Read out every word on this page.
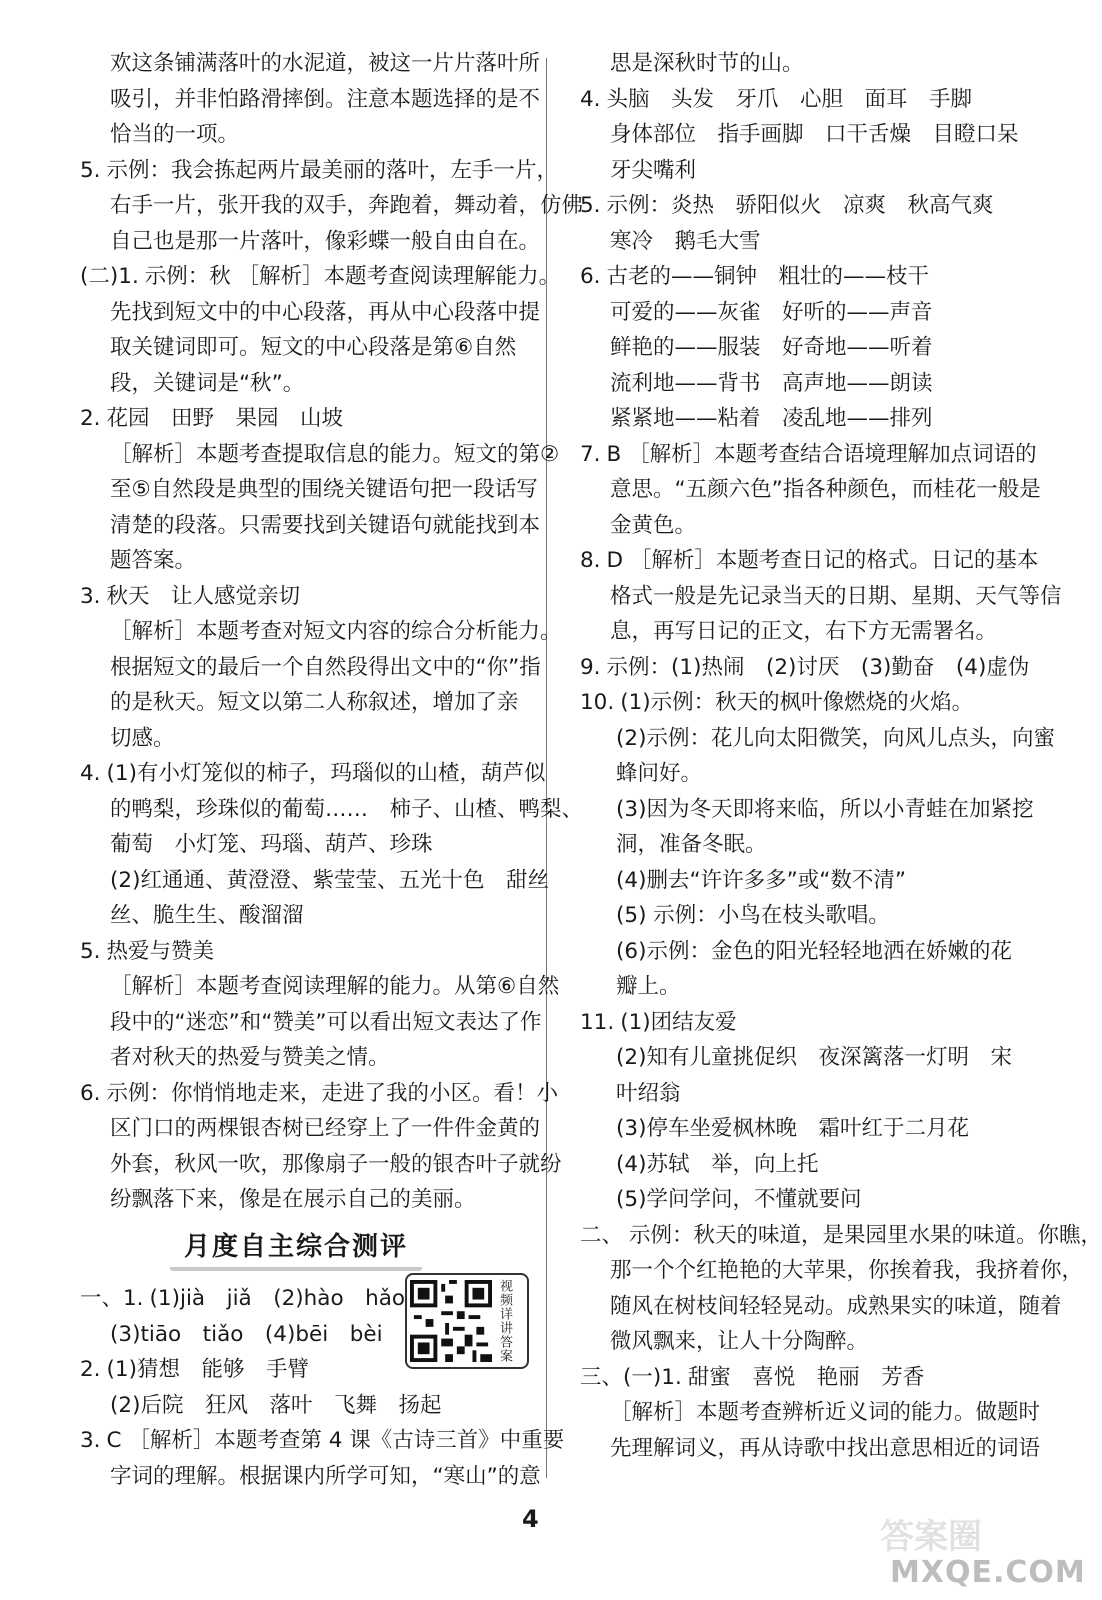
欢这条铺满落叶的水泥道，被这一片片落叶所
吸引，并非怕路滑摔倒。注意本题选择的是不
恰当的一项。
5. 示例：我会拣起两片最美丽的落叶，左手一片，
右手一片，张开我的双手，奔跑着，舞动着，仿佛
自己也是那一片落叶，像彩蝶一般自由自在。
(二)1. 示例：秋 ［解析］本题考查阅读理解能力。
先找到短文中的中心段落，再从中心段落中提
取关键词即可。短文的中心段落是第⑥自然
段，关键词是“秋”。
2. 花园　田野　果园　山坡
［解析］本题考查提取信息的能力。短文的第②
至⑤自然段是典型的围绕关键语句把一段话写
清楚的段落。只需要找到关键语句就能找到本
题答案。
3. 秋天　让人感觉亲切
［解析］本题考查对短文内容的综合分析能力。
根据短文的最后一个自然段得出文中的“你”指
的是秋天。短文以第二人称叙述，增加了亲
切感。
4. (1)有小灯笼似的柿子，玛瑙似的山楂，葫芦似
的鸭梨，珍珠似的葡萄……　柿子、山楂、鸭梨、
葡萄　小灯笼、玛瑙、葫芦、珍珠
(2)红通通、黄澄澄、紫莹莹、五光十色　甜丝
丝、脆生生、酸溜溜
5. 热爱与赞美
［解析］本题考查阅读理解的能力。从第⑥自然
段中的“迷恋”和“赞美”可以看出短文表达了作
者对秋天的热爱与赞美之情。
6. 示例：你悄悄地走来，走进了我的小区。看！小
区门口的两棵银杏树已经穿上了一件件金黄的
外套，秋风一吹，那像扇子一般的银杏叶子就纷
纷飘落下来，像是在展示自己的美丽。
月度自主综合测评
一、1. (1)jià　jiǎ　(2)hào　hǎo
(3)tiāo　tiǎo　(4)bēi　bèi
2. (1)猜想　能够　手臂
(2)后院　狂风　落叶　飞舞　扬起
3. C ［解析］本题考查第 4 课《古诗三首》中重要
字词的理解。根据课内所学可知，“寒山”的意
思是深秋时节的山。
4. 头脑　头发　牙爪　心胆　面耳　手脚
身体部位　指手画脚　口干舌燥　目瞪口呆
牙尖嘴利
5. 示例：炎热　骄阳似火　凉爽　秋高气爽
寒冷　鹅毛大雪
6. 古老的——铜钟　粗壮的——枝干
可爱的——灰雀　好听的——声音
鲜艳的——服装　好奇地——听着
流利地——背书　高声地——朗读
紧紧地——粘着　凌乱地——排列
7. B ［解析］本题考查结合语境理解加点词语的
意思。“五颜六色”指各种颜色，而桂花一般是
金黄色。
8. D ［解析］本题考查日记的格式。日记的基本
格式一般是先记录当天的日期、星期、天气等信
息，再写日记的正文，右下方无需署名。
9. 示例：(1)热闹　(2)讨厌　(3)勤奋　(4)虚伪
10. (1)示例：秋天的枫叶像燃烧的火焰。
(2)示例：花儿向太阳微笑，向风儿点头，向蜜
蜂问好。
(3)因为冬天即将来临，所以小青蛙在加紧挖
洞，准备冬眠。
(4)删去“许许多多”或“数不清”
(5) 示例：小鸟在枝头歌唱。
(6)示例：金色的阳光轻轻地洒在娇嫩的花
瓣上。
11. (1)团结友爱
(2)知有儿童挑促织　夜深篱落一灯明　宋
叶绍翁
(3)停车坐爱枫林晚　霜叶红于二月花
(4)苏轼　举，向上托
(5)学问学问，不懂就要问
二、 示例：秋天的味道，是果园里水果的味道。你瞧，
那一个个红艳艳的大苹果，你挨着我，我挤着你，
随风在树枝间轻轻晃动。成熟果实的味道，随着
微风飘来，让人十分陶醉。
三、(一)1. 甜蜜　喜悦　艳丽　芳香
［解析］本题考查辨析近义词的能力。做题时
先理解词义，再从诗歌中找出意思相近的词语
视频详讲答案
4	答案圈
MXQE.COM
